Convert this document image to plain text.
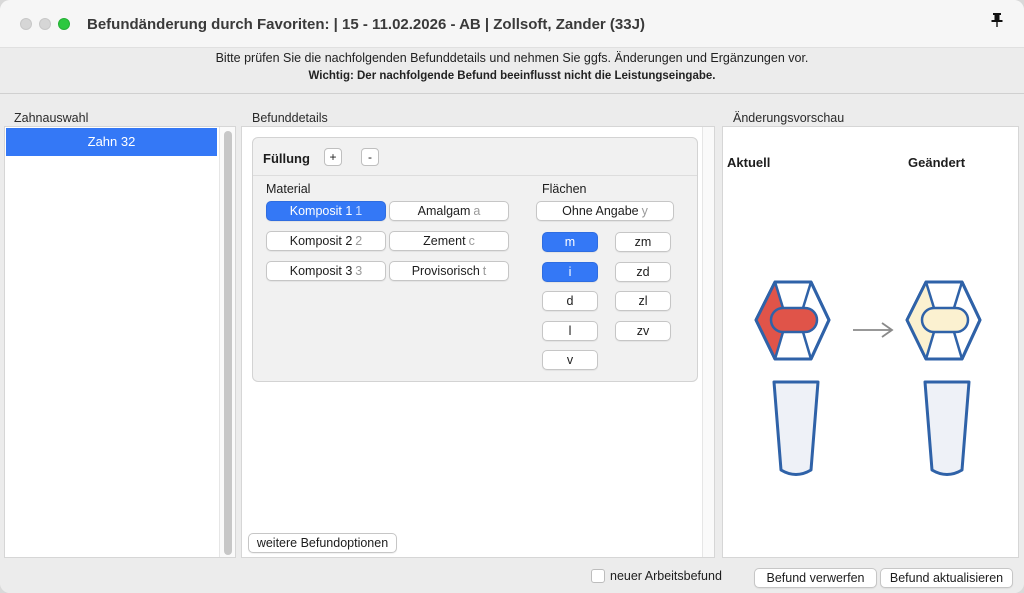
Befundänderung durch Favoriten: | 15 - 11.02.2026 - AB | Zollsoft, Zander (33J)
Bitte prüfen Sie die nachfolgenden Befunddetails und nehmen Sie ggfs. Änderungen und Ergänzungen vor.
Wichtig: Der nachfolgende Befund beeinflusst nicht die Leistungseingabe.
Zahnauswahl
Zahn 32
Befunddetails
Füllung	+	-
Material
Komposit 1 1	Amalgam a
Komposit 2 2	Zement c
Komposit 3 3	Provisorisch t
Flächen
Ohne Angabe y
m	zm
i	zd
d	zl
l	zv
v
weitere Befundoptionen
Änderungsvorschau
Aktuell	Geändert
neuer Arbeitsbefund	Befund verwerfen	Befund aktualisieren
